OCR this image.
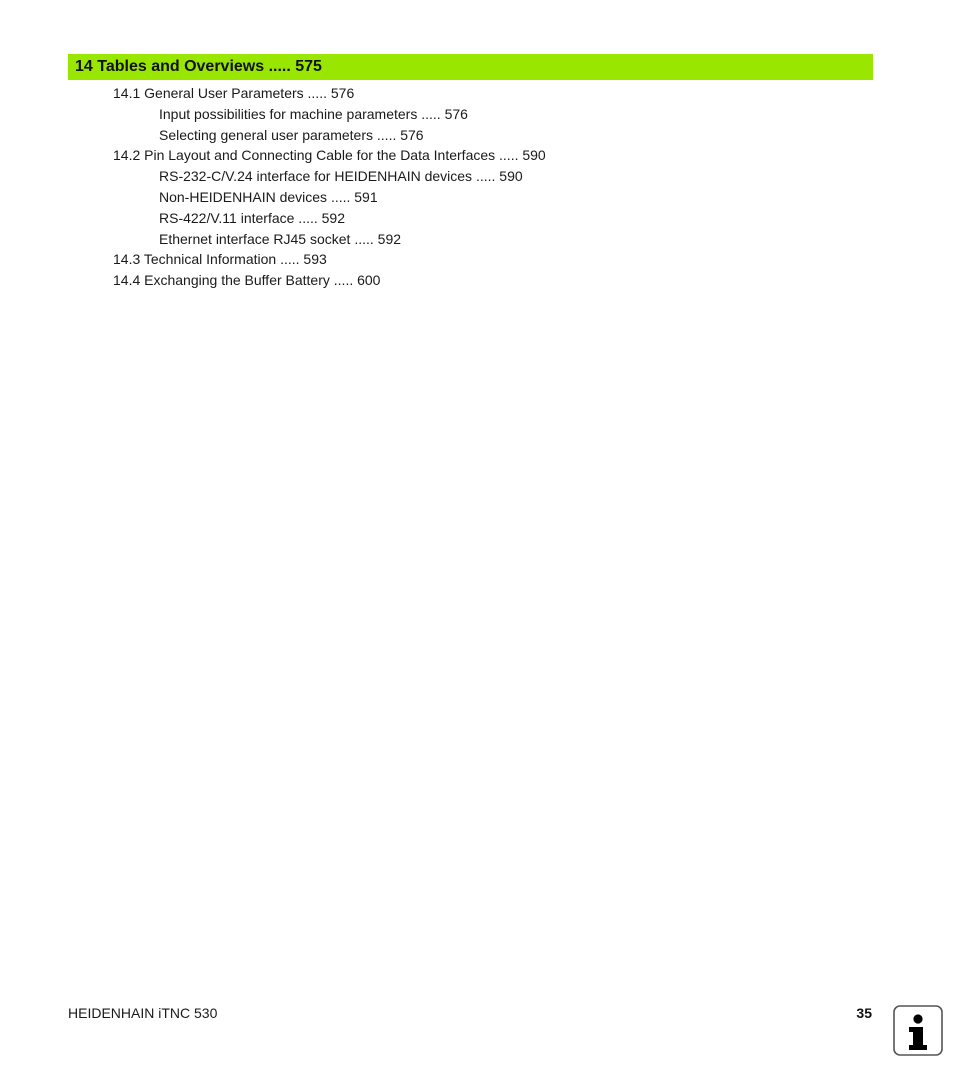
14 Tables and Overviews ..... 575
14.1 General User Parameters ..... 576
Input possibilities for machine parameters ..... 576
Selecting general user parameters ..... 576
14.2 Pin Layout and Connecting Cable for the Data Interfaces ..... 590
RS-232-C/V.24 interface for HEIDENHAIN devices ..... 590
Non-HEIDENHAIN devices ..... 591
RS-422/V.11 interface ..... 592
Ethernet interface RJ45 socket ..... 592
14.3 Technical Information ..... 593
14.4 Exchanging the Buffer Battery ..... 600
HEIDENHAIN iTNC 530	35
